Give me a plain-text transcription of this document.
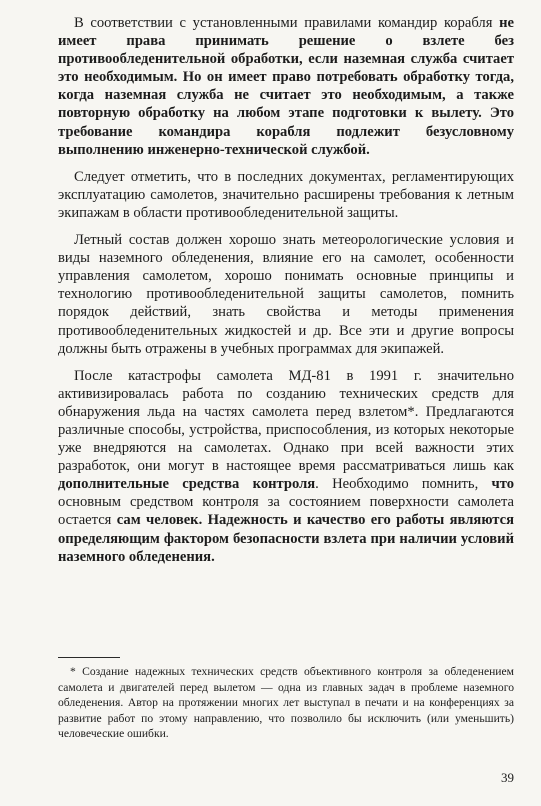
В соответствии с установленными правилами командир корабля не имеет права принимать решение о взлете без противообледенительной обработки, если наземная служба считает это необходимым. Но он имеет право потребовать обработку тогда, когда наземная служба не считает это необходимым, а также повторную обработку на любом этапе подготовки к вылету. Это требование командира корабля подлежит безусловному выполнению инженерно-технической службой.

Следует отметить, что в последних документах, регламентирующих эксплуатацию самолетов, значительно расширены требования к летным экипажам в области противообледенительной защиты.

Летный состав должен хорошо знать метеорологические условия и виды наземного обледенения, влияние его на самолет, особенности управления самолетом, хорошо понимать основные принципы и технологию противообледенительной защиты самолетов, помнить порядок действий, знать свойства и методы применения противообледенительных жидкостей и др. Все эти и другие вопросы должны быть отражены в учебных программах для экипажей.

После катастрофы самолета МД-81 в 1991 г. значительно активизировалась работа по созданию технических средств для обнаружения льда на частях самолета перед взлетом*. Предлагаются различные способы, устройства, приспособления, из которых некоторые уже внедряются на самолетах. Однако при всей важности этих разработок, они могут в настоящее время рассматриваться лишь как дополнительные средства контроля. Необходимо помнить, что основным средством контроля за состоянием поверхности самолета остается сам человек. Надежность и качество его работы являются определяющим фактором безопасности взлета при наличии условий наземного обледенения.

* Создание надежных технических средств объективного контроля за обледенением самолета и двигателей перед вылетом — одна из главных задач в проблеме наземного обледенения. Автор на протяжении многих лет выступал в печати и на конференциях за развитие работ по этому направлению, что позволило бы исключить (или уменьшить) человеческие ошибки.
39
